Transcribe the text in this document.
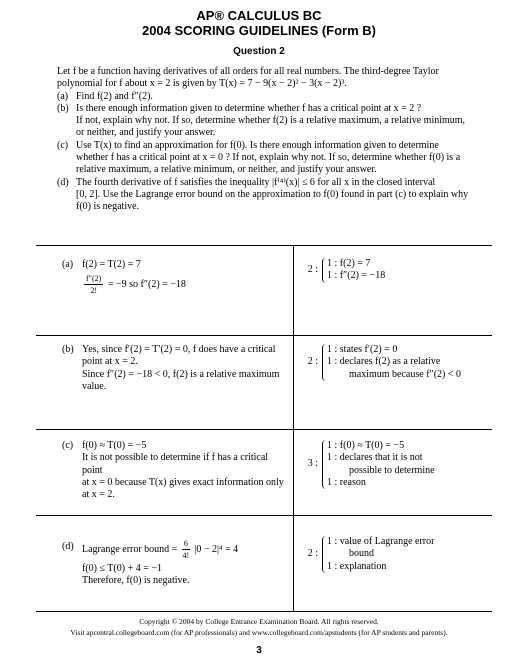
AP® CALCULUS BC
2004 SCORING GUIDELINES (Form B)
Question 2
Let f be a function having derivatives of all orders for all real numbers. The third-degree Taylor
polynomial for f about x = 2 is given by T(x) = 7 − 9(x − 2)² − 3(x − 2)³.
(a) Find f(2) and f″(2).
(b) Is there enough information given to determine whether f has a critical point at x = 2 ?
If not, explain why not. If so, determine whether f(2) is a relative maximum, a relative minimum,
or neither, and justify your answer.
(c) Use T(x) to find an approximation for f(0). Is there enough information given to determine
whether f has a critical point at x = 0 ? If not, explain why not. If so, determine whether f(0) is a
relative maximum, a relative minimum, or neither, and justify your answer.
(d) The fourth derivative of f satisfies the inequality |f⁽⁴⁾(x)| ≤ 6 for all x in the closed interval
[0, 2]. Use the Lagrange error bound on the approximation to f(0) found in part (c) to explain why
f(0) is negative.
(a) f(2) = T(2) = 7
$\frac{f''(2)}{2!} = -9$ so f″(2) = −18
2 :
1 : f(2) = 7
1 : f″(2) = −18
(b) Yes, since f′(2) = T′(2) = 0, f does have a critical
point at x = 2.
Since f″(2) = −18 < 0, f(2) is a relative maximum
value.
2 :
1 : states f′(2) = 0
1 : declares f(2) as a relative
maximum because f″(2) < 0
(c) f(0) ≈ T(0) = −5
It is not possible to determine if f has a critical point
at x = 0 because T(x) gives exact information only
at x = 2.
3 :
1 : f(0) ≈ T(0) = −5
1 : declares that it is not
possible to determine
1 : reason
(d) Lagrange error bound = $\frac{6}{4!} |0 - 2|^4 = 4$
f(0) ≤ T(0) + 4 = −1
Therefore, f(0) is negative.
2 :
1 : value of Lagrange error
bound
1 : explanation
Copyright © 2004 by College Entrance Examination Board. All rights reserved.
Visit apcentral.collegeboard.com (for AP professionals) and www.collegeboard.com/apstudents (for AP students and parents).
3
